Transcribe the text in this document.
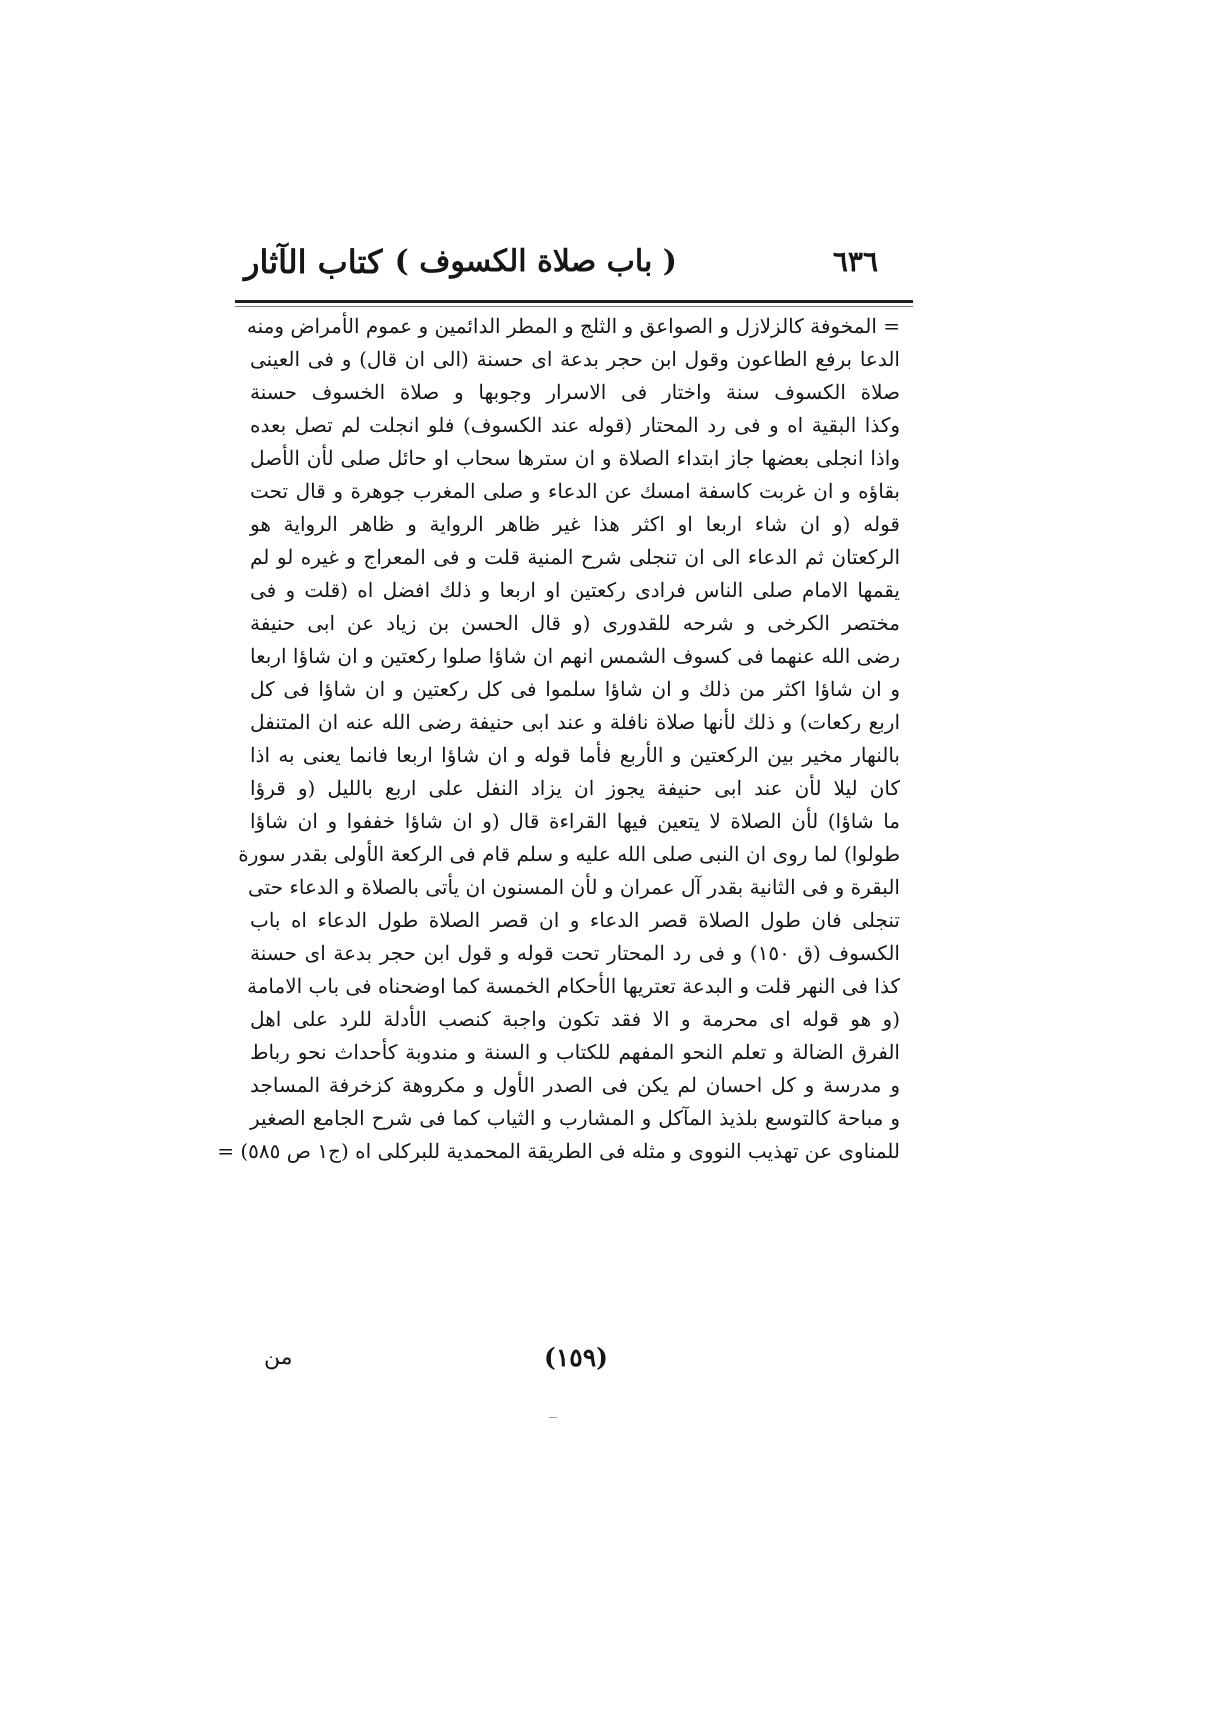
٦٣٦
( باب صلاة الكسوف )
كتاب الآثار
= المخوفة كالزلازل و الصواعق و الثلج و المطر الدائمين و عموم الأمراض ومنه
الدعا برفع الطاعون وقول ابن حجر بدعة اى حسنة (الى ان قال) و فى العينى
صلاة الكسوف سنة واختار فى الاسرار وجوبها و صلاة الخسوف حسنة
وكذا البقية اه و فى رد المحتار (قوله عند الكسوف) فلو انجلت لم تصل بعده
واذا انجلى بعضها جاز ابتداء الصلاة و ان سترها سحاب او حائل صلى لأن الأصل
بقاؤه و ان غربت كاسفة امسك عن الدعاء و صلى المغرب جوهرة و قال تحت
قوله (و ان شاء اربعا او اكثر هذا غير ظاهر الرواية و ظاهر الرواية هو
الركعتان ثم الدعاء الى ان تنجلى شرح المنية قلت و فى المعراج و غيره لو لم
يقمها الامام صلى الناس فرادى ركعتين او اربعا و ذلك افضل اه (قلت و فى
مختصر الكرخى و شرحه للقدورى (و قال الحسن بن زياد عن ابى حنيفة
رضى الله عنهما فى كسوف الشمس انهم ان شاؤا صلوا ركعتين و ان شاؤا اربعا
و ان شاؤا اكثر من ذلك و ان شاؤا سلموا فى كل ركعتين و ان شاؤا فى كل
اربع ركعات) و ذلك لأنها صلاة نافلة و عند ابى حنيفة رضى الله عنه ان المتنفل
بالنهار مخير بين الركعتين و الأربع فأما قوله و ان شاؤا اربعا فانما يعنى به اذا
كان ليلا لأن عند ابى حنيفة يجوز ان يزاد النفل على اربع بالليل (و قرؤا
ما شاؤا) لأن الصلاة لا يتعين فيها القراءة قال (و ان شاؤا خففوا و ان شاؤا
طولوا) لما روى ان النبى صلى الله عليه و سلم قام فى الركعة الأولى بقدر سورة
البقرة و فى الثانية بقدر آل عمران و لأن المسنون ان يأتى بالصلاة و الدعاء حتى
تنجلى فان طول الصلاة قصر الدعاء و ان قصر الصلاة طول الدعاء اه باب
الكسوف (ق ١٥٠) و فى رد المحتار تحت قوله و قول ابن حجر بدعة اى حسنة
كذا فى النهر قلت و البدعة تعتريها الأحكام الخمسة كما اوضحناه فى باب الامامة
(و هو قوله اى محرمة و الا فقد تكون واجبة كنصب الأدلة للرد على اهل
الفرق الضالة و تعلم النحو المفهم للكتاب و السنة و مندوبة كأحداث نحو رباط
و مدرسة و كل احسان لم يكن فى الصدر الأول و مكروهة كزخرفة المساجد
و مباحة كالتوسع بلذيذ المآكل و المشارب و الثياب كما فى شرح الجامع الصغير
للمناوى عن تهذيب النووى و مثله فى الطريقة المحمدية للبركلى اه (ج١ ص ٥٨٥) =
(١٥٩)
من
